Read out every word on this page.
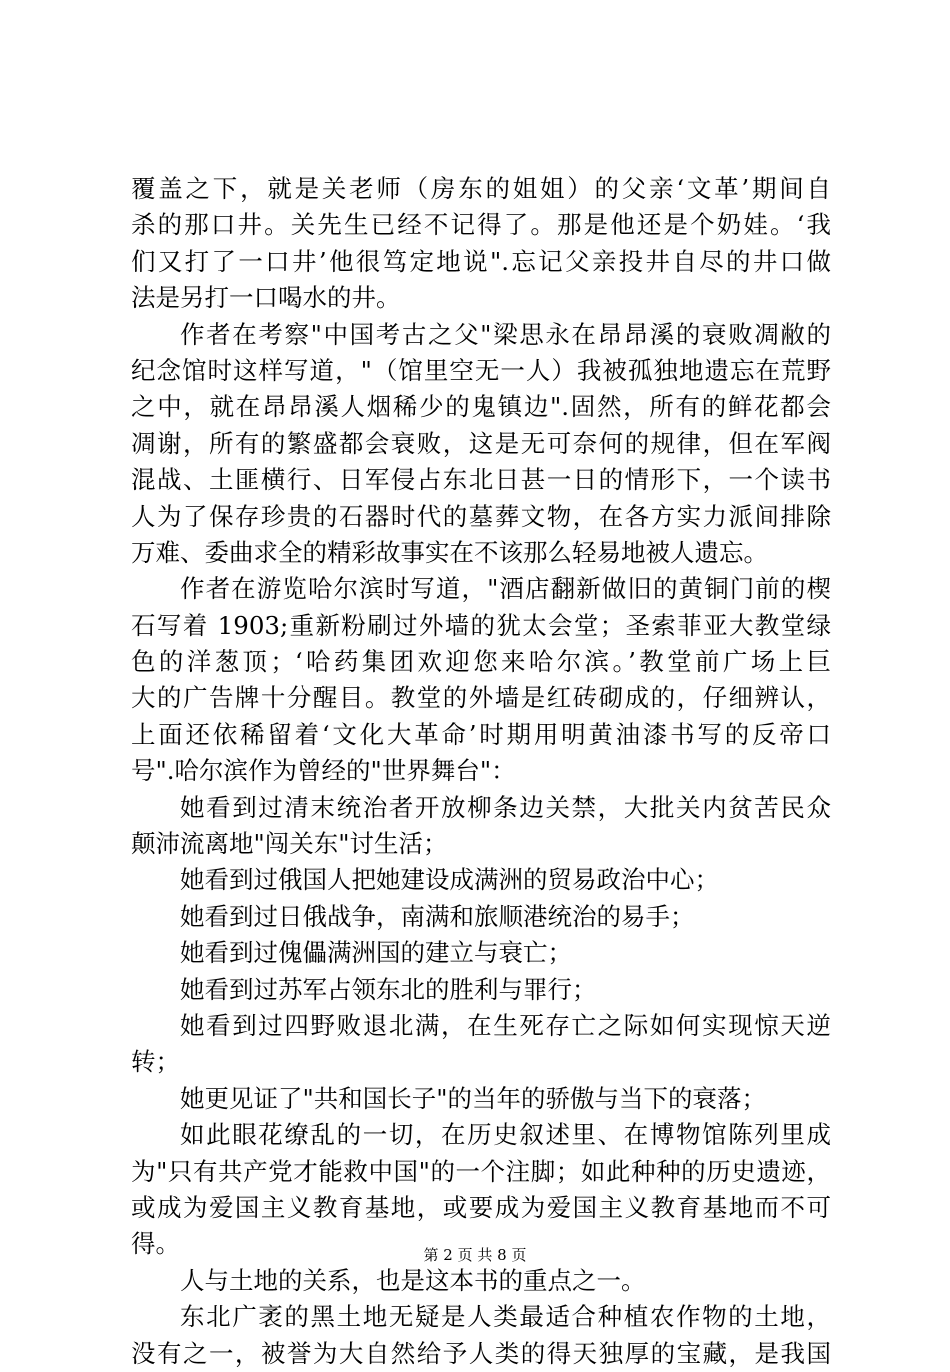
覆盖之下，就是关老师（房东的姐姐）的父亲‘文革’期间自
杀的那口井。关先生已经不记得了。那是他还是个奶娃。‘我
们又打了一口井’他很笃定地说".忘记父亲投井自尽的井口做
法是另打一口喝水的井。
作者在考察"中国考古之父"梁思永在昂昂溪的衰败凋敝的
纪念馆时这样写道，"（馆里空无一人）我被孤独地遗忘在荒野
之中，就在昂昂溪人烟稀少的鬼镇边".固然，所有的鲜花都会
凋谢，所有的繁盛都会衰败，这是无可奈何的规律，但在军阀
混战、土匪横行、日军侵占东北日甚一日的情形下，一个读书
人为了保存珍贵的石器时代的墓葬文物，在各方实力派间排除
万难、委曲求全的精彩故事实在不该那么轻易地被人遗忘。
作者在游览哈尔滨时写道，"酒店翻新做旧的黄铜门前的楔
石写着 1903;重新粉刷过外墙的犹太会堂；圣索菲亚大教堂绿
色的洋葱顶；‘哈药集团欢迎您来哈尔滨。’教堂前广场上巨
大的广告牌十分醒目。教堂的外墙是红砖砌成的，仔细辨认，
上面还依稀留着‘文化大革命’时期用明黄油漆书写的反帝口
号".哈尔滨作为曾经的"世界舞台"：
她看到过清末统治者开放柳条边关禁，大批关内贫苦民众
颠沛流离地"闯关东"讨生活；
她看到过俄国人把她建设成满洲的贸易政治中心；
她看到过日俄战争，南满和旅顺港统治的易手；
她看到过傀儡满洲国的建立与衰亡；
她看到过苏军占领东北的胜利与罪行；
她看到过四野败退北满，在生死存亡之际如何实现惊天逆
转；
她更见证了"共和国长子"的当年的骄傲与当下的衰落；
如此眼花缭乱的一切，在历史叙述里、在博物馆陈列里成
为"只有共产党才能救中国"的一个注脚；如此种种的历史遗迹，
或成为爱国主义教育基地，或要成为爱国主义教育基地而不可
得。
人与土地的关系，也是这本书的重点之一。
东北广袤的黑土地无疑是人类最适合种植农作物的土地，
没有之一，被誉为大自然给予人类的得天独厚的宝藏，是我国
第 2 页 共 8 页
